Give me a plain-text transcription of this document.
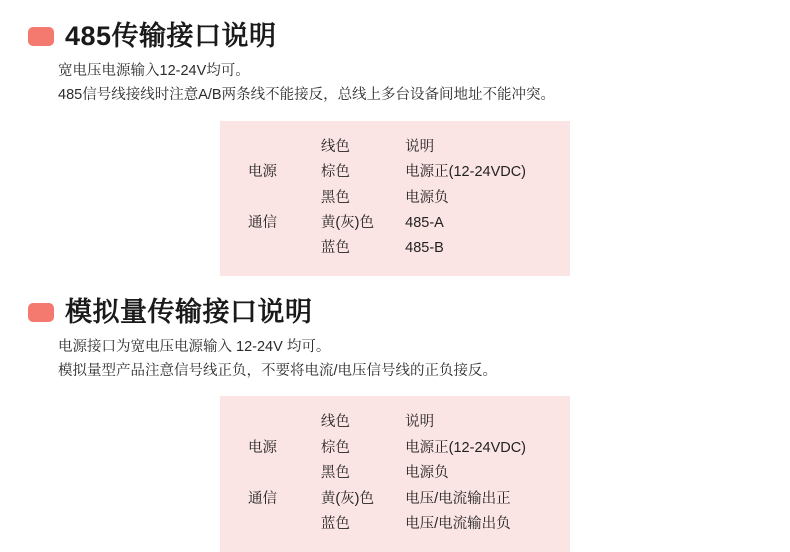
485传输接口说明
宽电压电源输入12-24V均可。
485信号线接线时注意A/B两条线不能接反，总线上多台设备间地址不能冲突。
	线色	说明
电源	棕色	电源正(12-24VDC)
	黑色	电源负
通信	黄(灰)色	485-A
	蓝色	485-B
模拟量传输接口说明
电源接口为宽电压电源输入 12-24V 均可。
模拟量型产品注意信号线正负，不要将电流/电压信号线的正负接反。
	线色	说明
电源	棕色	电源正(12-24VDC)
	黑色	电源负
通信	黄(灰)色	电压/电流输出正
	蓝色	电压/电流输出负
